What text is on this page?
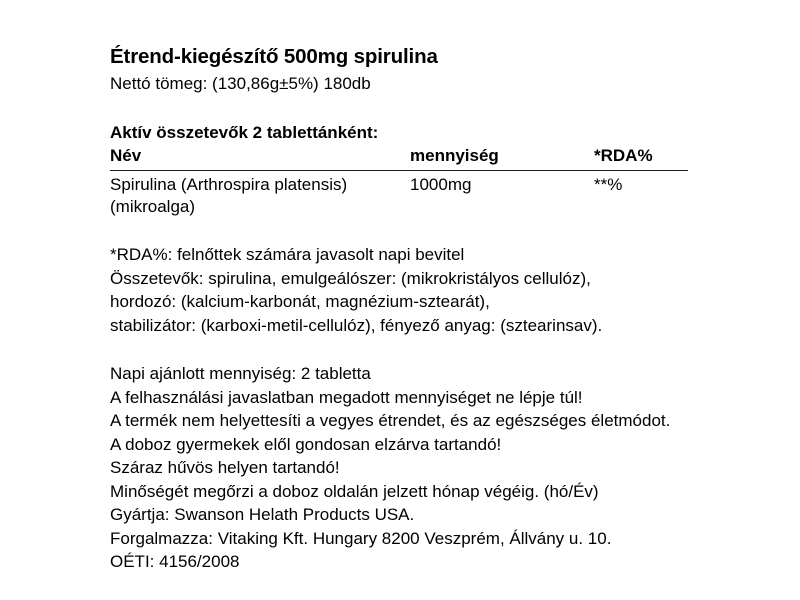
Étrend-kiegészítő 500mg spirulina

Nettó tömeg: (130,86g±5%) 180db

Aktív összetevők 2 tablettánként:

Név	mennyiség	*RDA%

Spirulina (Arthrospira platensis)
(mikroalga)	1000mg	**%

*RDA%: felnőttek számára javasolt napi bevitel
Összetevők: spirulina, emulgeálószer: (mikrokristályos cellulóz),
hordozó: (kalcium-karbonát, magnézium-sztearát),
stabilizátor: (karboxi-metil-cellulóz), fényező anyag: (sztearinsav).

Napi ajánlott mennyiség: 2 tabletta
A felhasználási javaslatban megadott mennyiséget ne lépje túl!
A termék nem helyettesíti a vegyes étrendet, és az egészséges életmódot.
A doboz gyermekek elől gondosan elzárva tartandó!
Száraz hűvös helyen tartandó!
Minőségét megőrzi a doboz oldalán jelzett hónap végéig. (hó/Év)
Gyártja: Swanson Helath Products USA.
Forgalmazza: Vitaking Kft. Hungary 8200 Veszprém, Állvány u. 10.
OÉTI: 4156/2008
